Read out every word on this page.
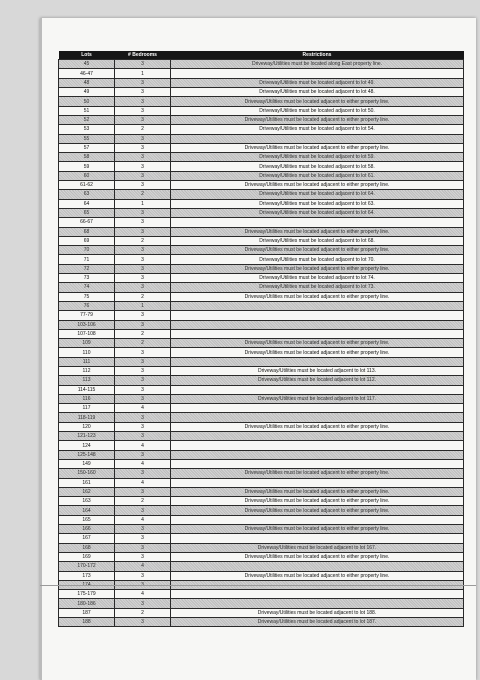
Lots	# Bedrooms	Restrictions
45	3	Driveway/Utilities must be located along East property line.
46-47	1	
48	3	Driveway/Utilities must be located adjacent to lot 49.
49	3	Driveway/Utilities must be located adjacent to lot 48.
50	3	Driveway/Utilities must be located adjacent to either property line.
51	3	Driveway/Utilities must be located adjacent to lot 50.
52	3	Driveway/Utilities must be located adjacent to either property line.
53	2	Driveway/Utilities must be located adjacent to lot 54.
55	3	
57	3	Driveway/Utilities must be located adjacent to either property line.
58	3	Driveway/Utilities must be located adjacent to lot 59.
59	3	Driveway/Utilities must be located adjacent to lot 58.
60	3	Driveway/Utilities must be located adjacent to lot 61.
61-62	3	Driveway/Utilities must be located adjacent to either property line.
63	2	Driveway/Utilities must be located adjacent to lot 64.
64	1	Driveway/Utilities must be located adjacent to lot 63.
65	3	Driveway/Utilities must be located adjacent to lot 64.
66-67	3	
68	3	Driveway/Utilities must be located adjacent to either property line.
69	2	Driveway/Utilities must be located adjacent to lot 68.
70	3	Driveway/Utilities must be located adjacent to either property line.
71	3	Driveway/Utilities must be located adjacent to lot 70.
72	3	Driveway/Utilities must be located adjacent to either property line.
73	3	Driveway/Utilities must be located adjacent to lot 74.
74	3	Driveway/Utilities must be located adjacent to lot 73.
75	2	Driveway/Utilities must be located adjacent to either property line.
76	1	
77-79	3	
103-106	3	
107-108	2	
109	2	Driveway/Utilities must be located adjacent to either property line.
110	3	Driveway/Utilities must be located adjacent to either property line.
111	3	
112	3	Driveway/Utilities must be located adjacent to lot 113.
113	3	Driveway/Utilities must be located adjacent to lot 112.
114-115	3	
116	3	Driveway/Utilities must be located adjacent to lot 117.
117	4	
118-119	3	
120	3	Driveway/Utilities must be located adjacent to either property line.
121-123	3	
124	4	
125-148	3	
149	4	
150-160	3	Driveway/Utilities must be located adjacent to either property line.
161	4	
162	3	Driveway/Utilities must be located adjacent to either property line.
163	2	Driveway/Utilities must be located adjacent to either property line.
164	3	Driveway/Utilities must be located adjacent to either property line.
165	4	
166	3	Driveway/Utilities must be located adjacent to either property line.
167	3	
168	3	Driveway/Utilities must be located adjacent to lot 167.
169	3	Driveway/Utilities must be located adjacent to either property line.
170-172	4	
173	3	Driveway/Utilities must be located adjacent to either property line.
174	3	
175-179	4	
180-186	3	
187	2	Driveway/Utilities must be located adjacent to lot 188.
188	3	Driveway/Utilities must be located adjacent to lot 187.
